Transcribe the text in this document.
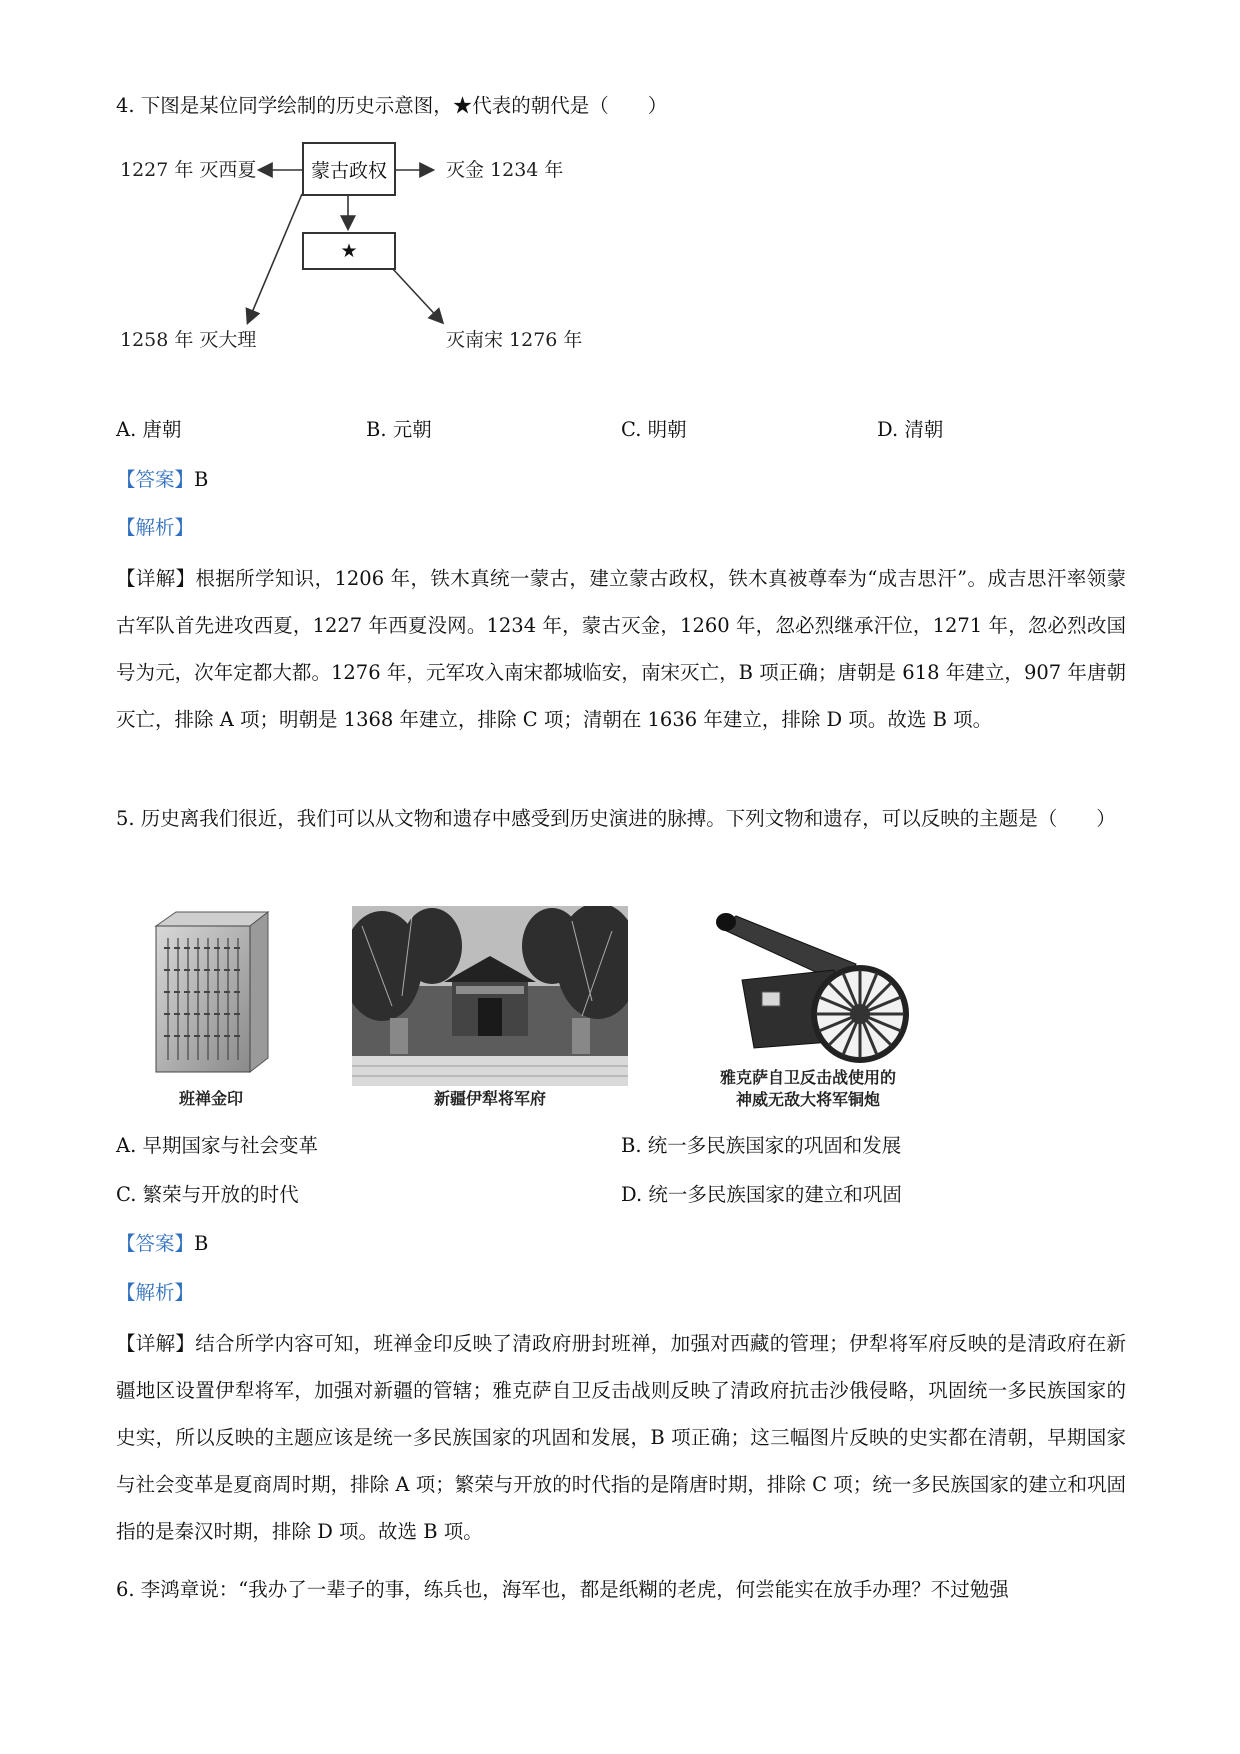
4. 下图是某位同学绘制的历史示意图，★代表的朝代是（　　）
蒙古政权
★
1227 年 灭西夏	灭金 1234 年
1258 年 灭大理	灭南宋 1276 年
A. 唐朝	B. 元朝	C. 明朝	D. 清朝
【答案】B
【解析】
【详解】根据所学知识，1206 年，铁木真统一蒙古，建立蒙古政权，铁木真被尊奉为“成吉思汗”。成吉思汗率领蒙古军队首先进攻西夏，1227 年西夏没网。1234 年，蒙古灭金，1260 年，忽必烈继承汗位，1271 年，忽必烈改国号为元，次年定都大都。1276 年，元军攻入南宋都城临安，南宋灭亡，B 项正确；唐朝是 618 年建立，907 年唐朝灭亡，排除 A 项；明朝是 1368 年建立，排除 C 项；清朝在 1636 年建立，排除 D 项。故选 B 项。
5. 历史离我们很近，我们可以从文物和遗存中感受到历史演进的脉搏。下列文物和遗存，可以反映的主题是（　　）
班禅金印	新疆伊犁将军府
雅克萨自卫反击战使用的
神威无敌大将军铜炮
A. 早期国家与社会变革	B. 统一多民族国家的巩固和发展
C. 繁荣与开放的时代	D. 统一多民族国家的建立和巩固
【答案】B
【解析】
【详解】结合所学内容可知，班禅金印反映了清政府册封班禅，加强对西藏的管理；伊犁将军府反映的是清政府在新疆地区设置伊犁将军，加强对新疆的管辖；雅克萨自卫反击战则反映了清政府抗击沙俄侵略，巩固统一多民族国家的史实，所以反映的主题应该是统一多民族国家的巩固和发展，B 项正确；这三幅图片反映的史实都在清朝，早期国家与社会变革是夏商周时期，排除 A 项；繁荣与开放的时代指的是隋唐时期，排除 C 项；统一多民族国家的建立和巩固指的是秦汉时期，排除 D 项。故选 B 项。
6. 李鸿章说：“我办了一辈子的事，练兵也，海军也，都是纸糊的老虎，何尝能实在放手办理？不过勉强
